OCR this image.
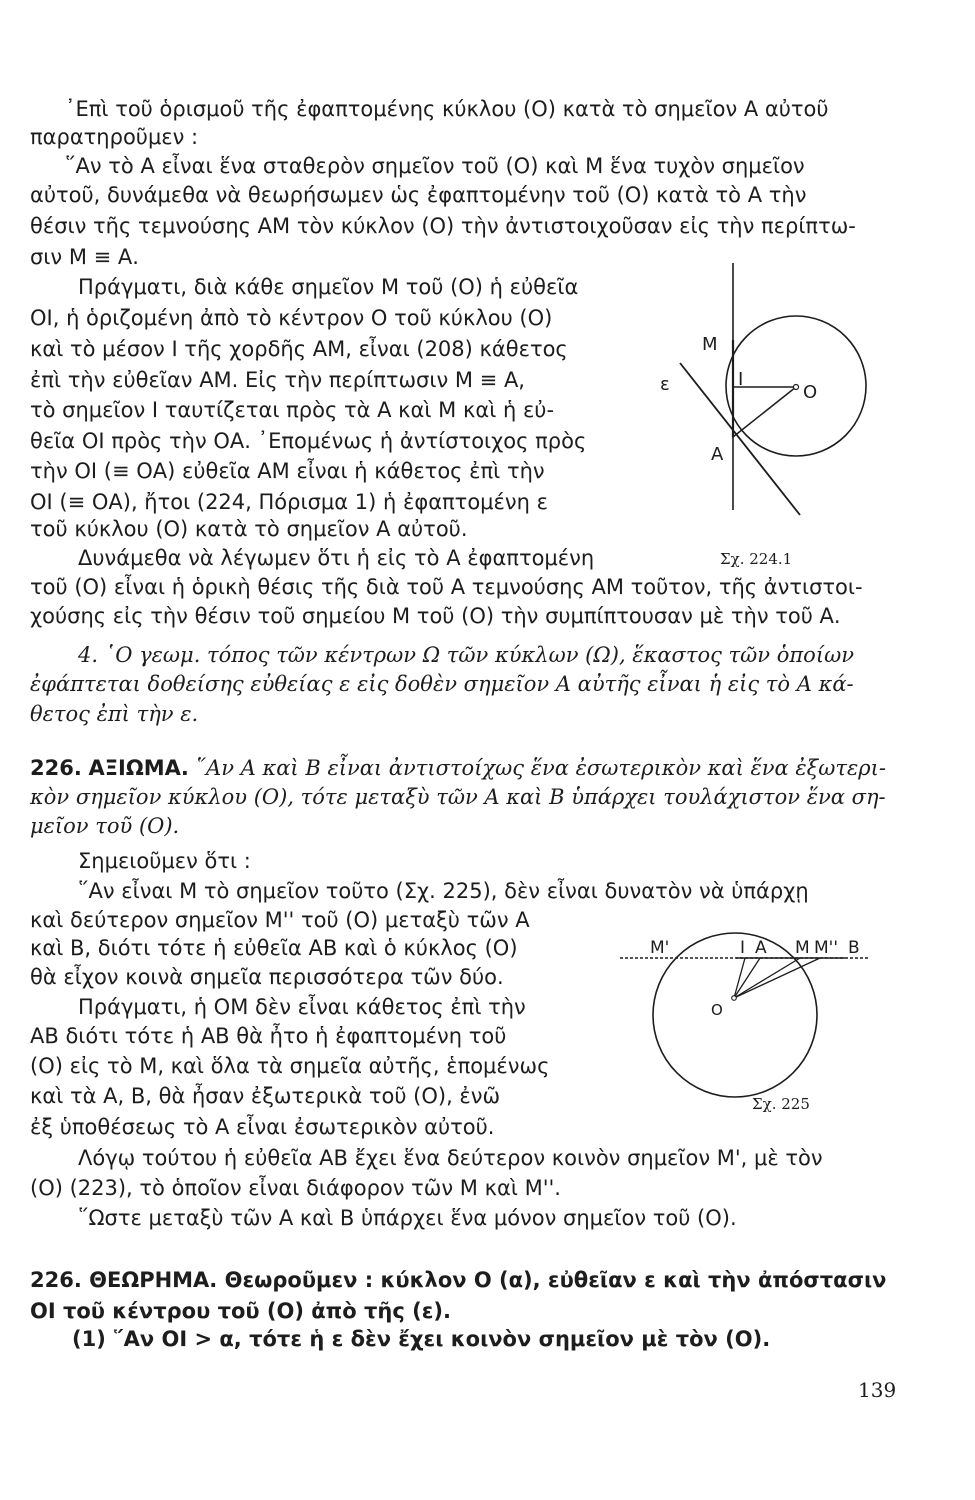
᾿Επὶ τοῦ ὁρισμοῦ τῆς ἐφαπτομένης κύκλου (Ο) κατὰ τὸ σημεῖον Α αὐτοῦ
παρατηροῦμεν :
῞Αν τὸ Α εἶναι ἕνα σταθερὸν σημεῖον τοῦ (Ο) καὶ Μ ἕνα τυχὸν σημεῖον
αὐτοῦ, δυνάμεθα νὰ θεωρήσωμεν ὡς ἐφαπτομένην τοῦ (Ο) κατὰ τὸ Α τὴν
θέσιν τῆς τεμνούσης ΑΜ τὸν κύκλον (Ο) τὴν ἀντιστοιχοῦσαν εἰς τὴν περίπτω-
σιν Μ ≡ Α.
Πράγματι, διὰ κάθε σημεῖον Μ τοῦ (Ο) ἡ εὐθεῖα
ΟΙ, ἡ ὁριζομένη ἀπὸ τὸ κέντρον Ο τοῦ κύκλου (Ο)
καὶ τὸ μέσον Ι τῆς χορδῆς ΑΜ, εἶναι (208) κάθετος
ἐπὶ τὴν εὐθεῖαν ΑΜ. Εἰς τὴν περίπτωσιν Μ ≡ Α,
τὸ σημεῖον Ι ταυτίζεται πρὸς τὰ Α καὶ Μ καὶ ἡ εὐ-
θεῖα ΟΙ πρὸς τὴν ΟΑ. ᾿Επομένως ἡ ἀντίστοιχος πρὸς
τὴν ΟΙ (≡ ΟΑ) εὐθεῖα ΑΜ εἶναι ἡ κάθετος ἐπὶ τὴν
ΟΙ (≡ ΟΑ), ἤτοι (224, Πόρισμα 1) ἡ ἐφαπτομένη ε
τοῦ κύκλου (Ο) κατὰ τὸ σημεῖον Α αὐτοῦ.
Δυνάμεθα νὰ λέγωμεν ὅτι ἡ εἰς τὸ Α ἐφαπτομένη
τοῦ (Ο) εἶναι ἡ ὁρικὴ θέσις τῆς διὰ τοῦ Α τεμνούσης ΑΜ τοῦτον, τῆς ἀντιστοι-
χούσης εἰς τὴν θέσιν τοῦ σημείου Μ τοῦ (Ο) τὴν συμπίπτουσαν μὲ τὴν τοῦ Α.
4. ῾Ο γεωμ. τόπος τῶν κέντρων Ω τῶν κύκλων (Ω), ἕκαστος τῶν ὁποίων
ἐφάπτεται δοθείσης εὐθείας ε εἰς δοθὲν σημεῖον Α αὐτῆς εἶναι ἡ εἰς τὸ Α κά-
θετος ἐπὶ τὴν ε.
Μ
Ι
Ο
Α
ε
Σχ. 224.1
226. ΑΞΙΩΜΑ. ῞Αν Α καὶ Β εἶναι ἀντιστοίχως ἕνα ἐσωτερικὸν καὶ ἕνα ἐξωτερι-
κὸν σημεῖον κύκλου (Ο), τότε μεταξὺ τῶν Α καὶ Β ὑπάρχει τουλάχιστον ἕνα ση-
μεῖον τοῦ (Ο).
Σημειοῦμεν ὅτι :
῞Αν εἶναι Μ τὸ σημεῖον τοῦτο (Σχ. 225), δὲν εἶναι δυνατὸν νὰ ὑπάρχῃ
καὶ δεύτερον σημεῖον Μ'' τοῦ (Ο) μεταξὺ τῶν Α
καὶ Β, διότι τότε ἡ εὐθεῖα ΑΒ καὶ ὁ κύκλος (Ο)
θὰ εἶχον κοινὰ σημεῖα περισσότερα τῶν δύο.
Πράγματι, ἡ ΟΜ δὲν εἶναι κάθετος ἐπὶ τὴν
ΑΒ διότι τότε ἡ ΑΒ θὰ ἦτο ἡ ἐφαπτομένη τοῦ
(Ο) εἰς τὸ Μ, καὶ ὅλα τὰ σημεῖα αὐτῆς, ἑπομένως
καὶ τὰ Α, Β, θὰ ἦσαν ἐξωτερικὰ τοῦ (Ο), ἐνῶ
ἐξ ὑποθέσεως τὸ Α εἶναι ἐσωτερικὸν αὐτοῦ.
Λόγῳ τούτου ἡ εὐθεῖα ΑΒ ἔχει ἕνα δεύτερον κοινὸν σημεῖον Μ', μὲ τὸν
(Ο) (223), τὸ ὁποῖον εἶναι διάφορον τῶν Μ καὶ Μ''.
῞Ωστε μεταξὺ τῶν Α καὶ Β ὑπάρχει ἕνα μόνον σημεῖον τοῦ (Ο).
Μ'	Ι Α Μ Μ'' Β
Ο
Σχ. 225
226. ΘΕΩΡΗΜΑ. Θεωροῦμεν : κύκλον Ο (α), εὐθεῖαν ε καὶ τὴν ἀπόστασιν
ΟΙ τοῦ κέντρου τοῦ (Ο) ἀπὸ τῆς (ε).
(1) ῞Αν ΟΙ > α, τότε ἡ ε δὲν ἔχει κοινὸν σημεῖον μὲ τὸν (Ο).
139
